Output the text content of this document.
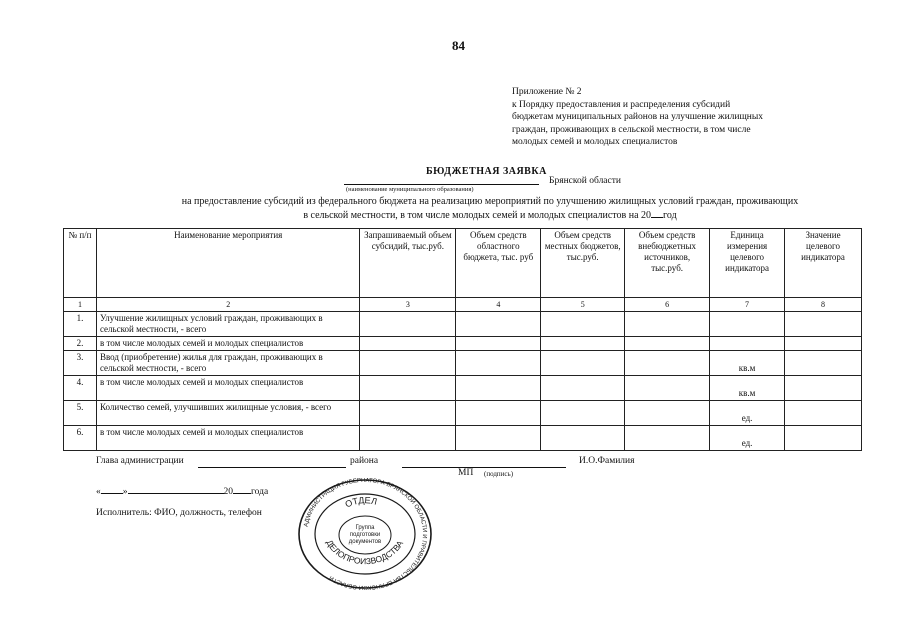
84
Приложение № 2
к Порядку предоставления и распределения субсидий
бюджетам муниципальных районов на улучшение жилищных
граждан, проживающих в сельской местности, в том числе
молодых семей и молодых специалистов
БЮДЖЕТНАЯ ЗАЯВКА
Брянской области
(наименование муниципального образования)
на предоставление субсидий из федерального бюджета на реализацию мероприятий по улучшению жилищных условий граждан, проживающих
в сельской местности, в том числе молодых семей и молодых специалистов на 20 год
№ п/п	Наименование мероприятия	Запрашиваемый объем субсидий, тыс.руб.	Объем средств областного бюджета, тыс. руб	Объем средств местных бюджетов, тыс.руб.	Объем средств внебюджетных источников, тыс.руб.	Единица измерения целевого индикатора	Значение целевого индикатора
1	2	3	4	5	6	7	8
1.	Улучшение жилищных условий граждан, проживающих в сельской местности, - всего						
2.	в том числе молодых семей и молодых специалистов						
3.	Ввод (приобретение) жилья для граждан, проживающих в сельской местности, - всего					кв.м	
4.	в том числе молодых семей и молодых специалистов					кв.м	
5.	Количество семей, улучшивших жилищные условия, - всего					ед.	
6.	в том числе молодых семей и молодых специалистов					ед.	
Глава администрации	района	И.О.Фамилия
МП (подпись)
« »	20 года
Исполнитель: ФИО, должность, телефон
АДМИНИСТРАЦИЯ ГУБЕРНАТОРА БРЯНСКОЙ ОБЛАСТИ И ПРАВИТЕЛЬСТВА БРЯНСКОЙ ОБЛАСТИ
ОТДЕЛ
ДЕЛОПРОИЗВОДСТВА
Группа
подготовки
документов
